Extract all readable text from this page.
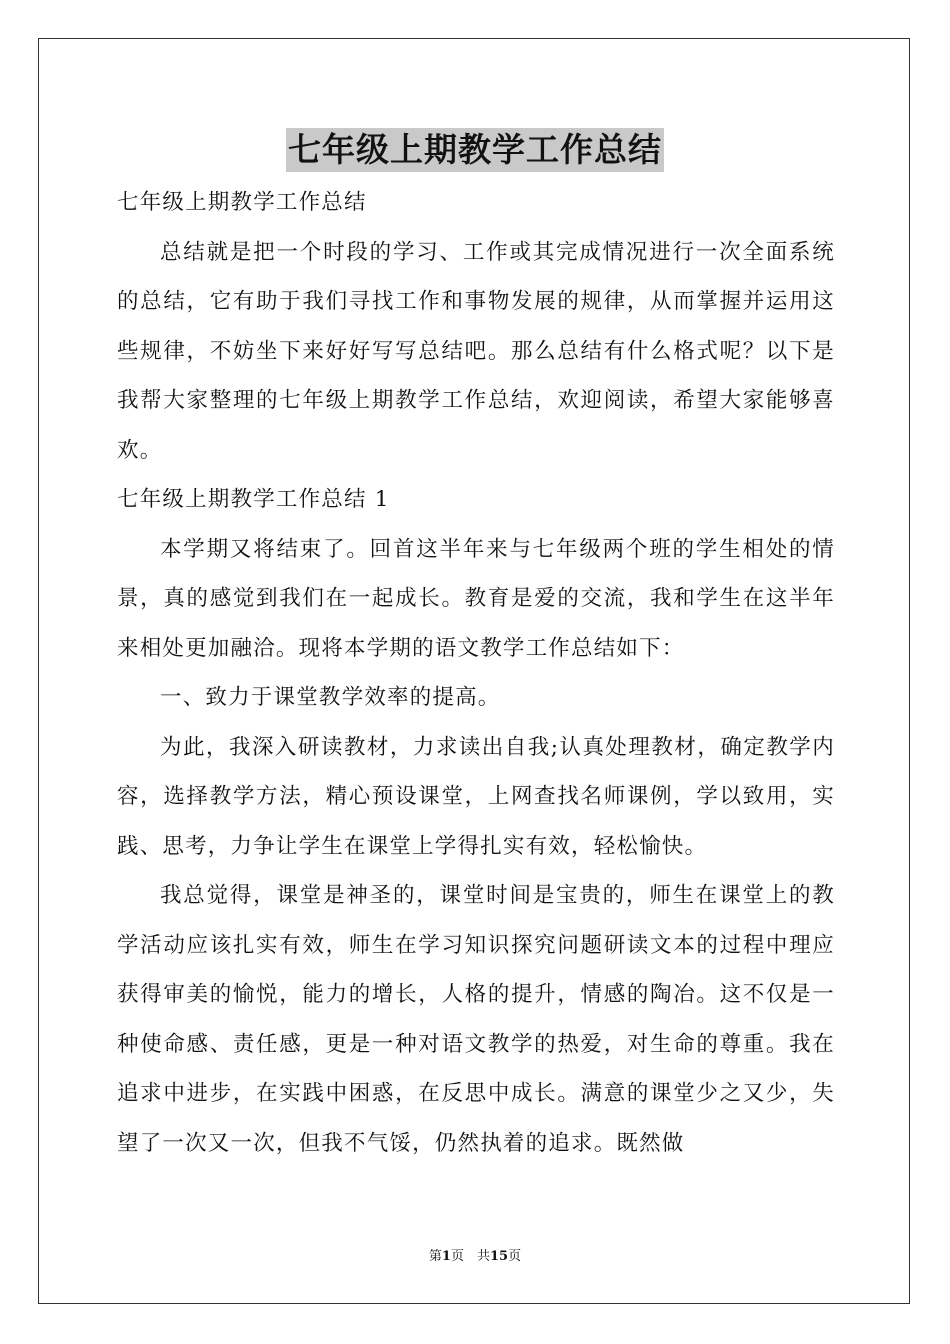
七年级上期教学工作总结

七年级上期教学工作总结

总结就是把一个时段的学习、工作或其完成情况进行一次全面系统的总结，它有助于我们寻找工作和事物发展的规律，从而掌握并运用这些规律，不妨坐下来好好写写总结吧。那么总结有什么格式呢？以下是我帮大家整理的七年级上期教学工作总结，欢迎阅读，希望大家能够喜欢。

七年级上期教学工作总结 1

本学期又将结束了。回首这半年来与七年级两个班的学生相处的情景，真的感觉到我们在一起成长。教育是爱的交流，我和学生在这半年来相处更加融洽。现将本学期的语文教学工作总结如下：

一、致力于课堂教学效率的提高。

为此，我深入研读教材，力求读出自我;认真处理教材，确定教学内容，选择教学方法，精心预设课堂，上网查找名师课例，学以致用，实践、思考，力争让学生在课堂上学得扎实有效，轻松愉快。

我总觉得，课堂是神圣的，课堂时间是宝贵的，师生在课堂上的教学活动应该扎实有效，师生在学习知识探究问题研读文本的过程中理应获得审美的愉悦，能力的增长，人格的提升，情感的陶冶。这不仅是一种使命感、责任感，更是一种对语文教学的热爱，对生命的尊重。我在追求中进步，在实践中困惑，在反思中成长。满意的课堂少之又少，失望了一次又一次，但我不气馁，仍然执着的追求。既然做

第1页　共15页
